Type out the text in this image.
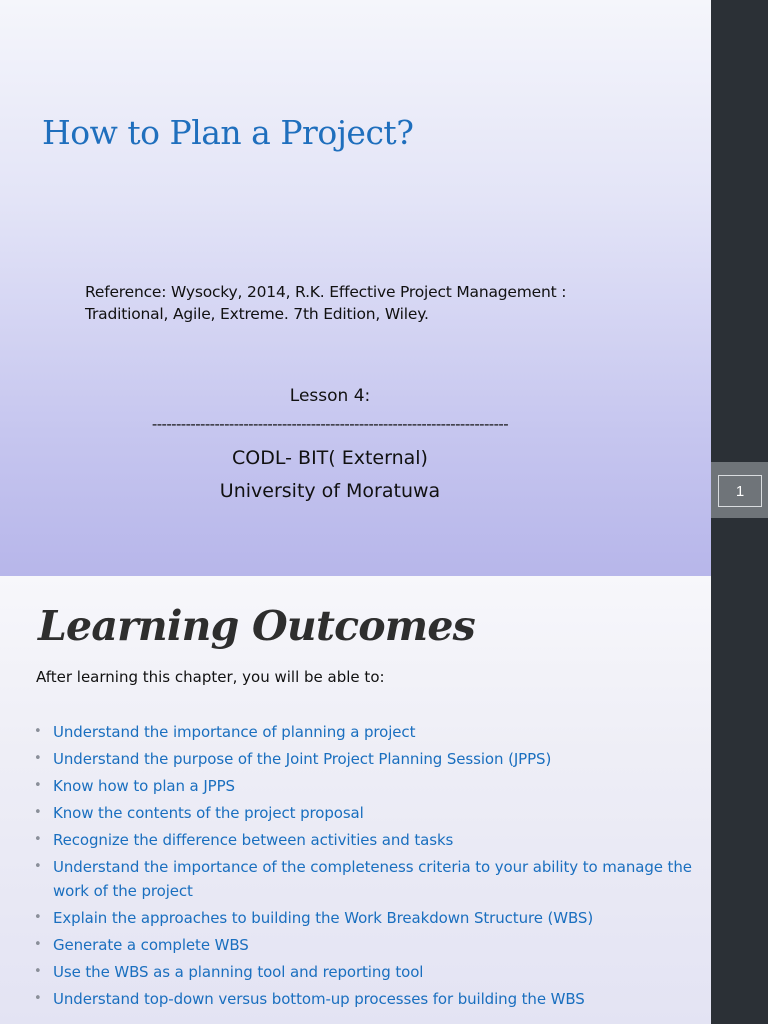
How to Plan a Project?
Reference: Wysocky, 2014, R.K. Effective Project Management :
Traditional, Agile, Extreme. 7th Edition, Wiley.
Lesson 4:
--------------------------------------------------------------------------
CODL- BIT( External)
University of Moratuwa	1
Learning Outcomes
After learning this chapter, you will be able to:
• Understand the importance of planning a project
• Understand the purpose of the Joint Project Planning Session (JPPS)
• Know how to plan a JPPS
• Know the contents of the project proposal
• Recognize the difference between activities and tasks
• Understand the importance of the completeness criteria to your ability to manage the work of the project
• Explain the approaches to building the Work Breakdown Structure (WBS)
• Generate a complete WBS
• Use the WBS as a planning tool and reporting tool
• Understand top-down versus bottom-up processes for building the WBS
